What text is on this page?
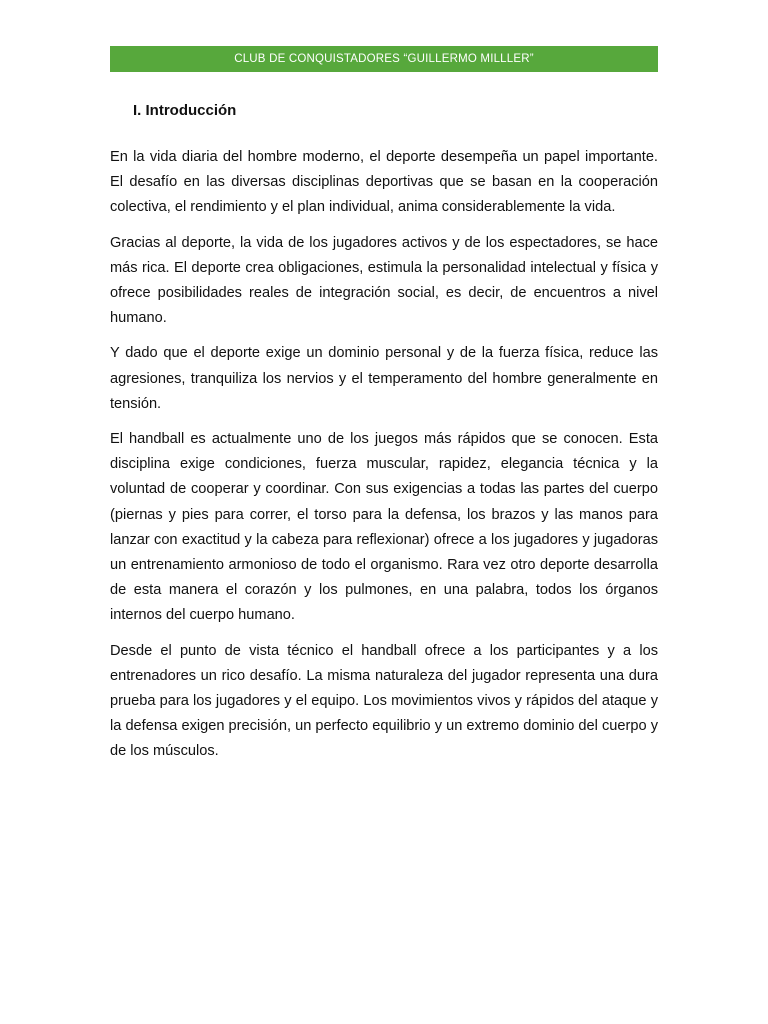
CLUB DE CONQUISTADORES “GUILLERMO MILLLER”
I. Introducción

En la vida diaria del hombre moderno, el deporte desempeña un papel importante. El desafío en las diversas disciplinas deportivas que se basan en la cooperación colectiva, el rendimiento y el plan individual, anima considerablemente la vida.

Gracias al deporte, la vida de los jugadores activos y de los espectadores, se hace más rica. El deporte crea obligaciones, estimula la personalidad intelectual y física y ofrece posibilidades reales de integración social, es decir, de encuentros a nivel humano.

Y dado que el deporte exige un dominio personal y de la fuerza física, reduce las agresiones, tranquiliza los nervios y el temperamento del hombre generalmente en tensión.

El handball es actualmente uno de los juegos más rápidos que se conocen. Esta disciplina exige condiciones, fuerza muscular, rapidez, elegancia técnica y la voluntad de cooperar y coordinar. Con sus exigencias a todas las partes del cuerpo (piernas y pies para correr, el torso para la defensa, los brazos y las manos para lanzar con exactitud y la cabeza para reflexionar) ofrece a los jugadores y jugadoras un entrenamiento armonioso de todo el organismo. Rara vez otro deporte desarrolla de esta manera el corazón y los pulmones, en una palabra, todos los órganos internos del cuerpo humano.

Desde el punto de vista técnico el handball ofrece a los participantes y a los entrenadores un rico desafío. La misma naturaleza del jugador representa una dura prueba para los jugadores y el equipo. Los movimientos vivos y rápidos del ataque y la defensa exigen precisión, un perfecto equilibrio y un extremo dominio del cuerpo y de los músculos.
